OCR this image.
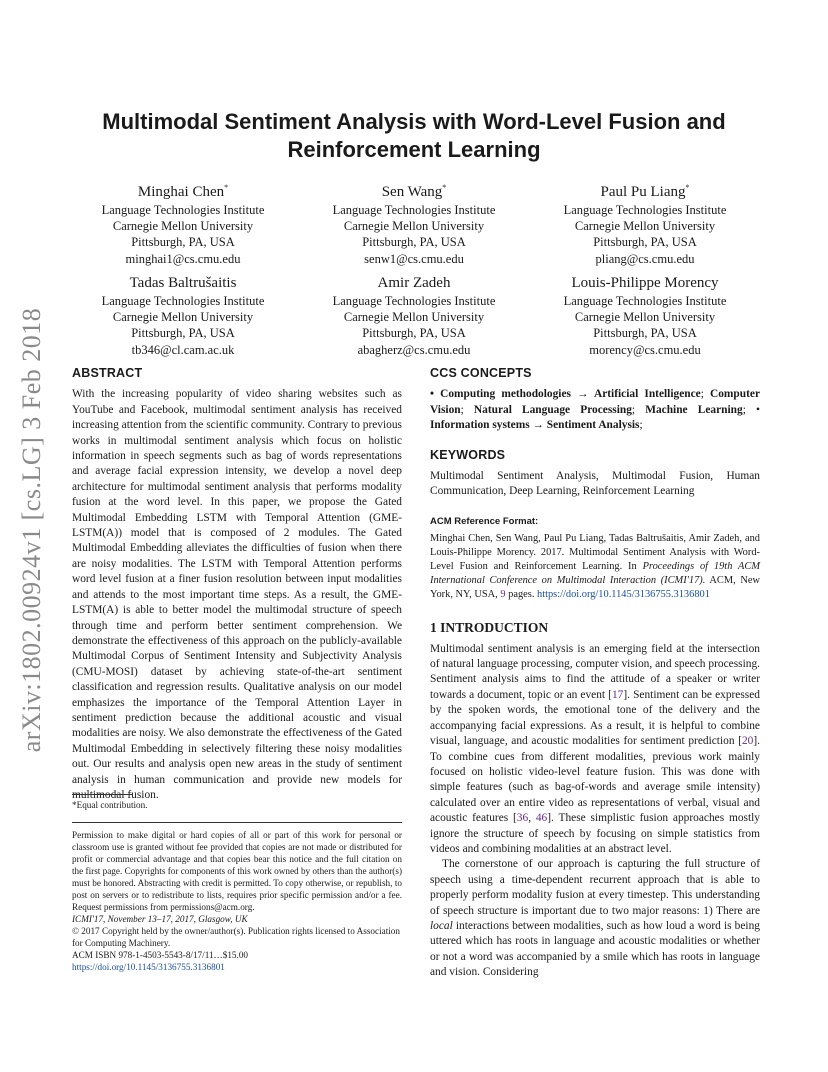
arXiv:1802.00924v1 [cs.LG] 3 Feb 2018
Multimodal Sentiment Analysis with Word-Level Fusion and
Reinforcement Learning
Minghai Chen*
Language Technologies Institute
Carnegie Mellon University
Pittsburgh, PA, USA
minghai1@cs.cmu.edu
Sen Wang*
Language Technologies Institute
Carnegie Mellon University
Pittsburgh, PA, USA
senw1@cs.cmu.edu
Paul Pu Liang*
Language Technologies Institute
Carnegie Mellon University
Pittsburgh, PA, USA
pliang@cs.cmu.edu
Tadas Baltrušaitis
Language Technologies Institute
Carnegie Mellon University
Pittsburgh, PA, USA
tb346@cl.cam.ac.uk
Amir Zadeh
Language Technologies Institute
Carnegie Mellon University
Pittsburgh, PA, USA
abagherz@cs.cmu.edu
Louis-Philippe Morency
Language Technologies Institute
Carnegie Mellon University
Pittsburgh, PA, USA
morency@cs.cmu.edu
ABSTRACT

With the increasing popularity of video sharing websites such as YouTube and Facebook, multimodal sentiment analysis has received increasing attention from the scientific community. Contrary to previous works in multimodal sentiment analysis which focus on holistic information in speech segments such as bag of words representations and average facial expression intensity, we develop a novel deep architecture for multimodal sentiment analysis that performs modality fusion at the word level. In this paper, we propose the Gated Multimodal Embedding LSTM with Temporal Attention (GME-LSTM(A)) model that is composed of 2 modules. The Gated Multimodal Embedding alleviates the difficulties of fusion when there are noisy modalities. The LSTM with Temporal Attention performs word level fusion at a finer fusion resolution between input modalities and attends to the most important time steps. As a result, the GME-LSTM(A) is able to better model the multimodal structure of speech through time and perform better sentiment comprehension. We demonstrate the effectiveness of this approach on the publicly-available Multimodal Corpus of Sentiment Intensity and Subjectivity Analysis (CMU-MOSI) dataset by achieving state-of-the-art sentiment classification and regression results. Qualitative analysis on our model emphasizes the importance of the Temporal Attention Layer in sentiment prediction because the additional acoustic and visual modalities are noisy. We also demonstrate the effectiveness of the Gated Multimodal Embedding in selectively filtering these noisy modalities out. Our results and analysis open new areas in the study of sentiment analysis in human communication and provide new models for multimodal fusion.

*Equal contribution.

Permission to make digital or hard copies of all or part of this work for personal or classroom use is granted without fee provided that copies are not made or distributed for profit or commercial advantage and that copies bear this notice and the full citation on the first page. Copyrights for components of this work owned by others than the author(s) must be honored. Abstracting with credit is permitted. To copy otherwise, or republish, to post on servers or to redistribute to lists, requires prior specific permission and/or a fee. Request permissions from permissions@acm.org.

ICMI'17, November 13–17, 2017, Glasgow, UK
© 2017 Copyright held by the owner/author(s). Publication rights licensed to Association for Computing Machinery.
ACM ISBN 978-1-4503-5543-8/17/11…$15.00
https://doi.org/10.1145/3136755.3136801
CCS CONCEPTS

• Computing methodologies → Artificial Intelligence; Computer Vision; Natural Language Processing; Machine Learning; • Information systems → Sentiment Analysis;

KEYWORDS

Multimodal Sentiment Analysis, Multimodal Fusion, Human Communication, Deep Learning, Reinforcement Learning

ACM Reference Format:

Minghai Chen, Sen Wang, Paul Pu Liang, Tadas Baltrušaitis, Amir Zadeh, and Louis-Philippe Morency. 2017. Multimodal Sentiment Analysis with Word-Level Fusion and Reinforcement Learning. In Proceedings of 19th ACM International Conference on Multimodal Interaction (ICMI'17). ACM, New York, NY, USA, 9 pages. https://doi.org/10.1145/3136755.3136801

1 INTRODUCTION

Multimodal sentiment analysis is an emerging field at the intersection of natural language processing, computer vision, and speech processing. Sentiment analysis aims to find the attitude of a speaker or writer towards a document, topic or an event [17]. Sentiment can be expressed by the spoken words, the emotional tone of the delivery and the accompanying facial expressions. As a result, it is helpful to combine visual, language, and acoustic modalities for sentiment prediction [20]. To combine cues from different modalities, previous work mainly focused on holistic video-level feature fusion. This was done with simple features (such as bag-of-words and average smile intensity) calculated over an entire video as representations of verbal, visual and acoustic features [36, 46]. These simplistic fusion approaches mostly ignore the structure of speech by focusing on simple statistics from videos and combining modalities at an abstract level.

The cornerstone of our approach is capturing the full structure of speech using a time-dependent recurrent approach that is able to properly perform modality fusion at every timestep. This understanding of speech structure is important due to two major reasons: 1) There are local interactions between modalities, such as how loud a word is being uttered which has roots in language and acoustic modalities or whether or not a word was accompanied by a smile which has roots in language and vision. Considering
